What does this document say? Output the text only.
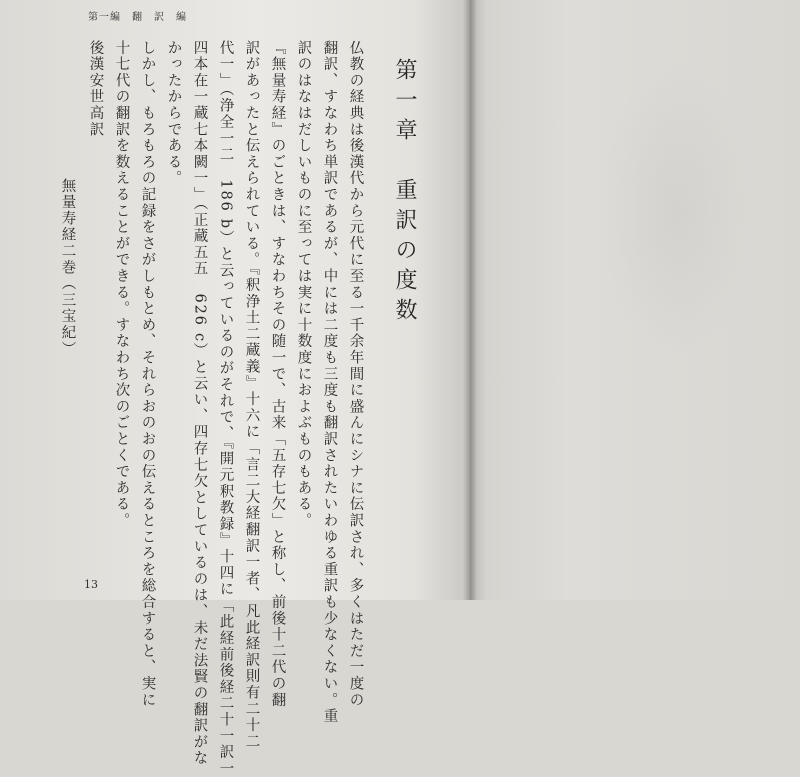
第一編　翻　訳　編
第一章　重訳の度数
仏教の経典は後漢代から元代に至る一千余年間に盛んにシナに伝訳され、多くはただ一度の
翻訳、すなわち単訳であるが、中には二度も三度も翻訳されたいわゆる重訳も少なくない。重
訳のはなはだしいものに至っては実に十数度におよぶものもある。
『無量寿経』のごときは、すなわちその随一で、古来「五存七欠」と称し、前後十二代の翻
訳があったと伝えられている。『釈浄土二蔵義』十六に「言二大経翻訳一者、凡此経訳則有二十二
代一」（浄全一二　186 b）と云っているのがそれで、『開元釈教録』十四に「此経前後経二十一訳一
四本在一蔵七本闕一」（正蔵五五　626 c）と云い、四存七欠としているのは、未だ法賢の翻訳がな
かったからである。
しかし、もろもろの記録をさがしもとめ、それらおのおの伝えるところを総合すると、実に
十七代の翻訳を数えることができる。すなわち次のごとくである。
後漢安世高訳
無量寿経二巻（三宝紀）
13
